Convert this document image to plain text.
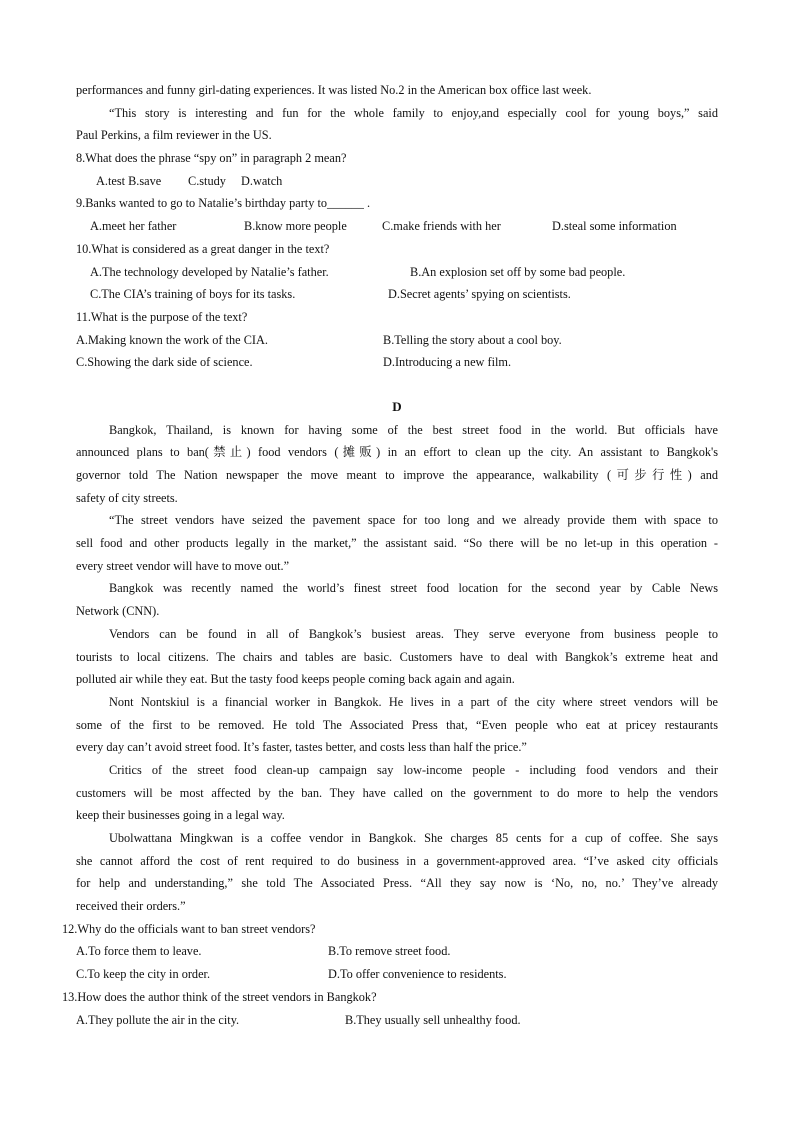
performances and funny girl-dating experiences. It was listed No.2 in the American box office last week.
“This story is interesting and fun for the whole family to enjoy,and especially cool for young boys,” said
Paul Perkins, a film reviewer in the US.
8.What does the phrase “spy on” in paragraph 2 mean?
A.test B.save C.study D.watch
9.Banks wanted to go to Natalie’s birthday party to______ .
A.meet her father	B.know more people	C.make friends with her	D.steal some information
10.What is considered as a great danger in the text?
A.The technology developed by Natalie’s father.	B.An explosion set off by some bad people.
C.The CIA’s training of boys for its tasks.	D.Secret agents’ spying on scientists.
11.What is the purpose of the text?
A.Making known the work of the CIA.	B.Telling the story about a cool boy.
C.Showing the dark side of science.	D.Introducing a new film.
D
Bangkok, Thailand, is known for having some of the best street food in the world. But officials have
announced plans to ban(禁止) food vendors (摊贩) in an effort to clean up the city. An assistant to Bangkok's
governor told The Nation newspaper the move meant to improve the appearance, walkability (可步行性) and
safety of city streets.
“The street vendors have seized the pavement space for too long and we already provide them with space to
sell food and other products legally in the market,” the assistant said. “So there will be no let-up in this operation -
every street vendor will have to move out.”
Bangkok was recently named the world’s finest street food location for the second year by Cable News
Network (CNN).
Vendors can be found in all of Bangkok’s busiest areas. They serve everyone from business people to
tourists to local citizens. The chairs and tables are basic. Customers have to deal with Bangkok’s extreme heat and
polluted air while they eat. But the tasty food keeps people coming back again and again.
Nont Nontskiul is a financial worker in Bangkok. He lives in a part of the city where street vendors will be
some of the first to be removed. He told The Associated Press that, “Even people who eat at pricey restaurants
every day can’t avoid street food. It’s faster, tastes better, and costs less than half the price.”
Critics of the street food clean-up campaign say low-income people - including food vendors and their
customers will be most affected by the ban. They have called on the government to do more to help the vendors
keep their businesses going in a legal way.
Ubolwattana Mingkwan is a coffee vendor in Bangkok. She charges 85 cents for a cup of coffee. She says
she cannot afford the cost of rent required to do business in a government-approved area. “I’ve asked city officials
for help and understanding,” she told The Associated Press. “All they say now is ‘No, no, no.’ They’ve already
received their orders.”
12.Why do the officials want to ban street vendors?
A.To force them to leave.	B.To remove street food.
C.To keep the city in order.	D.To offer convenience to residents.
13.How does the author think of the street vendors in Bangkok?
A.They pollute the air in the city.	B.They usually sell unhealthy food.
